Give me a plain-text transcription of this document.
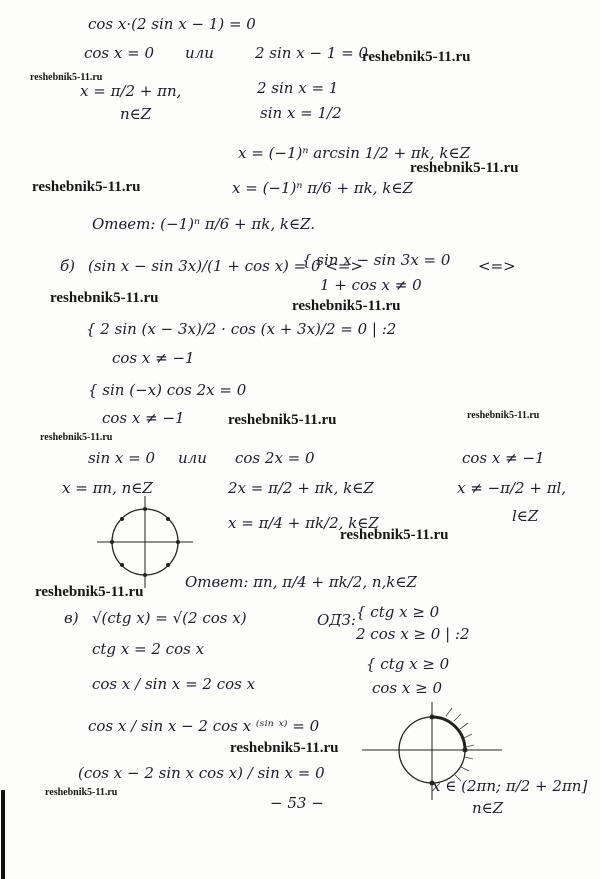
cos x·(2 sin x − 1) = 0
cos x = 0 или	2 sin x − 1 = 0
reshebnik5-11.ru
reshebnik5-11.ru
x = π/2 + πn,	2 sin x = 1
n∈Z	sin x = 1/2
x = (−1)ⁿ arcsin 1/2 + πk, k∈Z
reshebnik5-11.ru
reshebnik5-11.ru	x = (−1)ⁿ π/6 + πk, k∈Z
Ответ: (−1)ⁿ π/6 + πk, k∈Z.
б) (sin x − sin 3x)/(1 + cos x) = 0 <=>
{ sin x − sin 3x = 0 <=>
1 + cos x ≠ 0
reshebnik5-11.ru	reshebnik5-11.ru
{ 2 sin (x − 3x)/2 · cos (x + 3x)/2 = 0 | :2
cos x ≠ −1
{ sin (−x) cos 2x = 0
cos x ≠ −1	reshebnik5-11.ru	reshebnik5-11.ru
reshebnik5-11.ru
sin x = 0 или cos 2x = 0	cos x ≠ −1
x = πn, n∈Z	2x = π/2 + πk, k∈Z	x ≠ −π/2 + πl,
l∈Z
x = π/4 + πk/2, k∈Z
reshebnik5-11.ru
reshebnik5-11.ru
Ответ: πn, π/4 + πk/2, n,k∈Z
в) √(ctg x) = √(2 cos x)	ОДЗ: { ctg x ≥ 0
ctg x = 2 cos x
2 cos x ≥ 0 | :2
{ ctg x ≥ 0
cos x / sin x = 2 cos x	cos x ≥ 0
cos x / sin x − 2 cos x ⁽ˢⁱⁿ ˣ⁾ = 0
reshebnik5-11.ru
(cos x − 2 sin x cos x) / sin x = 0
reshebnik5-11.ru	x ∈ (2πn; π/2 + 2πn]
n∈Z
− 53 −
